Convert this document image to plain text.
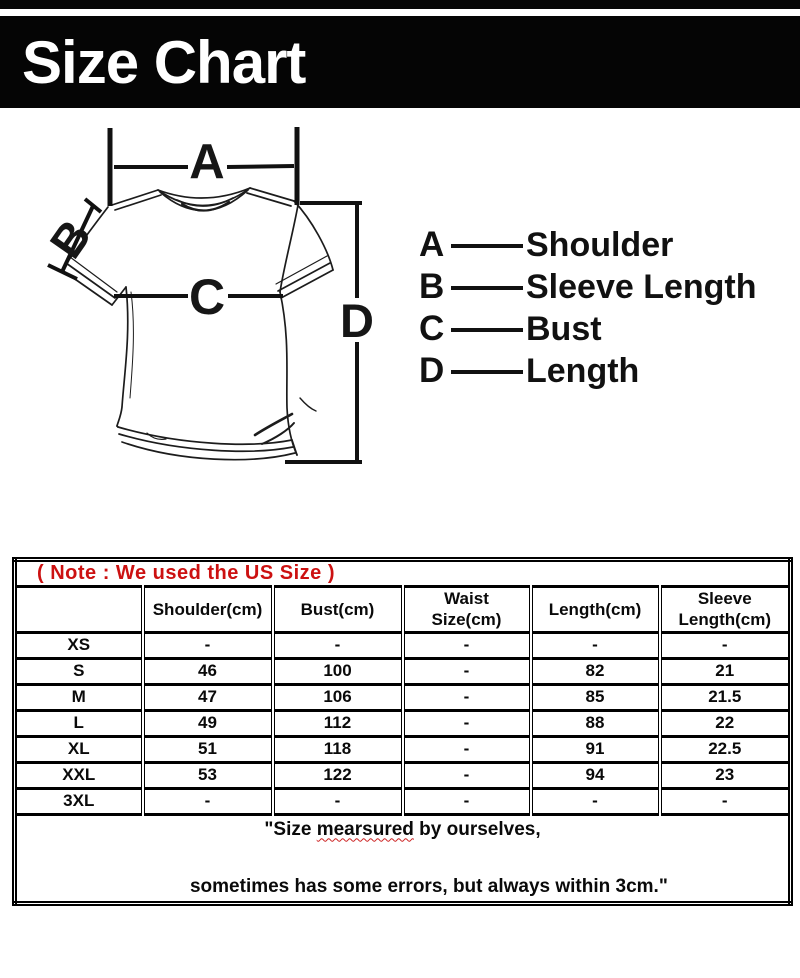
Size Chart
A
B
C D
A Shoulder
B Sleeve Length
C Bust
D Length
( Note : We used the US Size )					
	Shoulder(cm)	Bust(cm)	Waist Size(cm)	Length(cm)	Sleeve Length(cm)
XS	-	-	-	-	-
S	46	100	-	82	21
M	47	106	-	85	21.5
L	49	112	-	88	22
XL	51	118	-	91	22.5
XXL	53	122	-	94	23
3XL	-	-	-	-	-
"Size mearsured by ourselves,

sometimes has some errors, but always within 3cm."					
